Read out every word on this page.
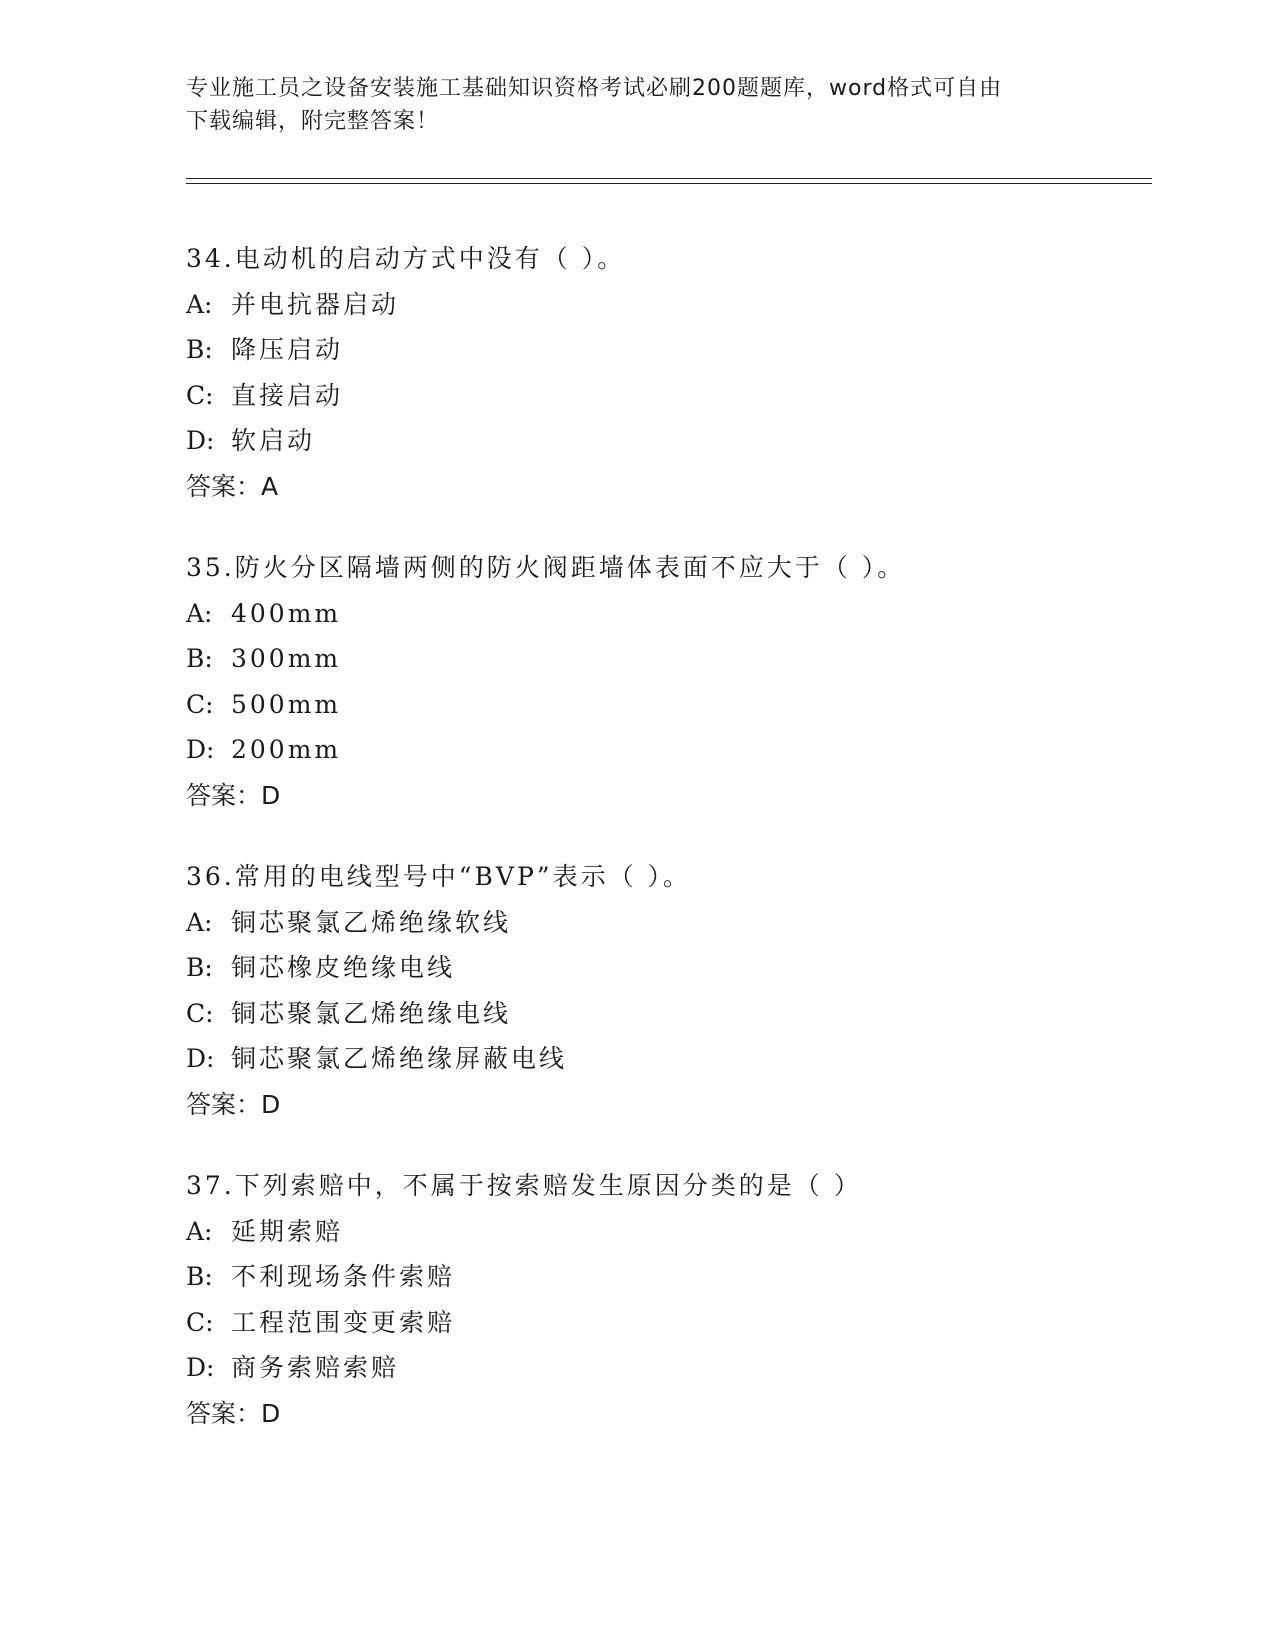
专业施工员之设备安装施工基础知识资格考试必刷200题题库，word格式可自由
下载编辑，附完整答案！
34.电动机的启动方式中没有（ ）。
A: 并电抗器启动
B: 降压启动
C: 直接启动
D: 软启动
答案：A
35.防火分区隔墙两侧的防火阀距墙体表面不应大于（ ）。
A: 400mm
B: 300mm
C: 500mm
D: 200mm
答案：D
36.常用的电线型号中“BVP”表示（ ）。
A: 铜芯聚氯乙烯绝缘软线
B: 铜芯橡皮绝缘电线
C: 铜芯聚氯乙烯绝缘电线
D: 铜芯聚氯乙烯绝缘屏蔽电线
答案：D
37.下列索赔中，不属于按索赔发生原因分类的是（ ）
A: 延期索赔
B: 不利现场条件索赔
C: 工程范围变更索赔
D: 商务索赔索赔
答案：D
